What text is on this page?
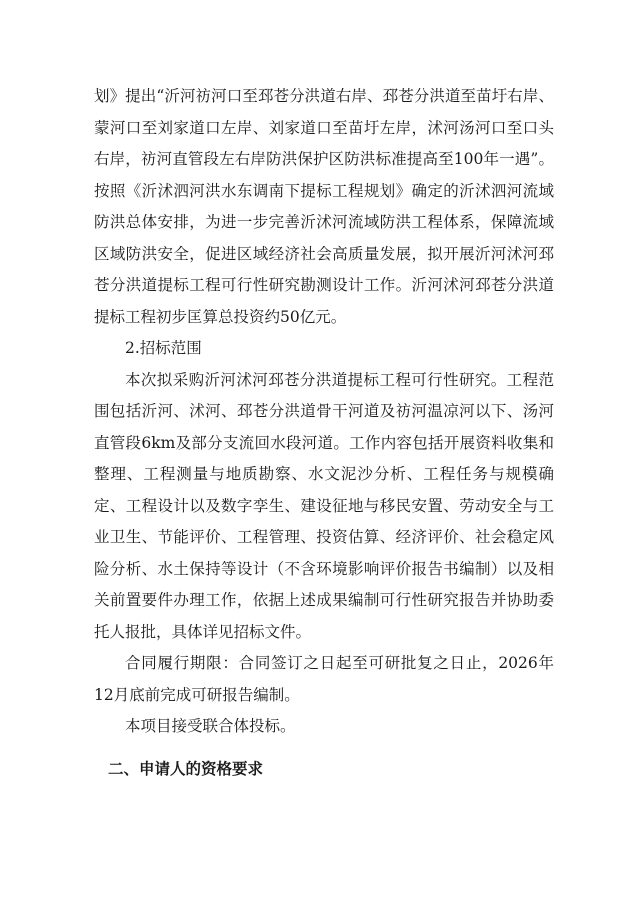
划》提出“沂河祊河口至邳苍分洪道右岸、邳苍分洪道至苗圩右岸、蒙河口至刘家道口左岸、刘家道口至苗圩左岸，沭河汤河口至口头右岸，祊河直管段左右岸防洪保护区防洪标准提高至100年一遇”。按照《沂沭泗河洪水东调南下提标工程规划》确定的沂沭泗河流域防洪总体安排，为进一步完善沂沭河流域防洪工程体系，保障流域区域防洪安全，促进区域经济社会高质量发展，拟开展沂河沭河邳苍分洪道提标工程可行性研究勘测设计工作。沂河沭河邳苍分洪道提标工程初步匡算总投资约50亿元。

2.招标范围

本次拟采购沂河沭河邳苍分洪道提标工程可行性研究。工程范围包括沂河、沭河、邳苍分洪道骨干河道及祊河温凉河以下、汤河直管段6km及部分支流回水段河道。工作内容包括开展资料收集和整理、工程测量与地质勘察、水文泥沙分析、工程任务与规模确定、工程设计以及数字孪生、建设征地与移民安置、劳动安全与工业卫生、节能评价、工程管理、投资估算、经济评价、社会稳定风险分析、水土保持等设计（不含环境影响评价报告书编制）以及相关前置要件办理工作，依据上述成果编制可行性研究报告并协助委托人报批，具体详见招标文件。

合同履行期限：合同签订之日起至可研批复之日止，2026年12月底前完成可研报告编制。

本项目接受联合体投标。

二、申请人的资格要求
